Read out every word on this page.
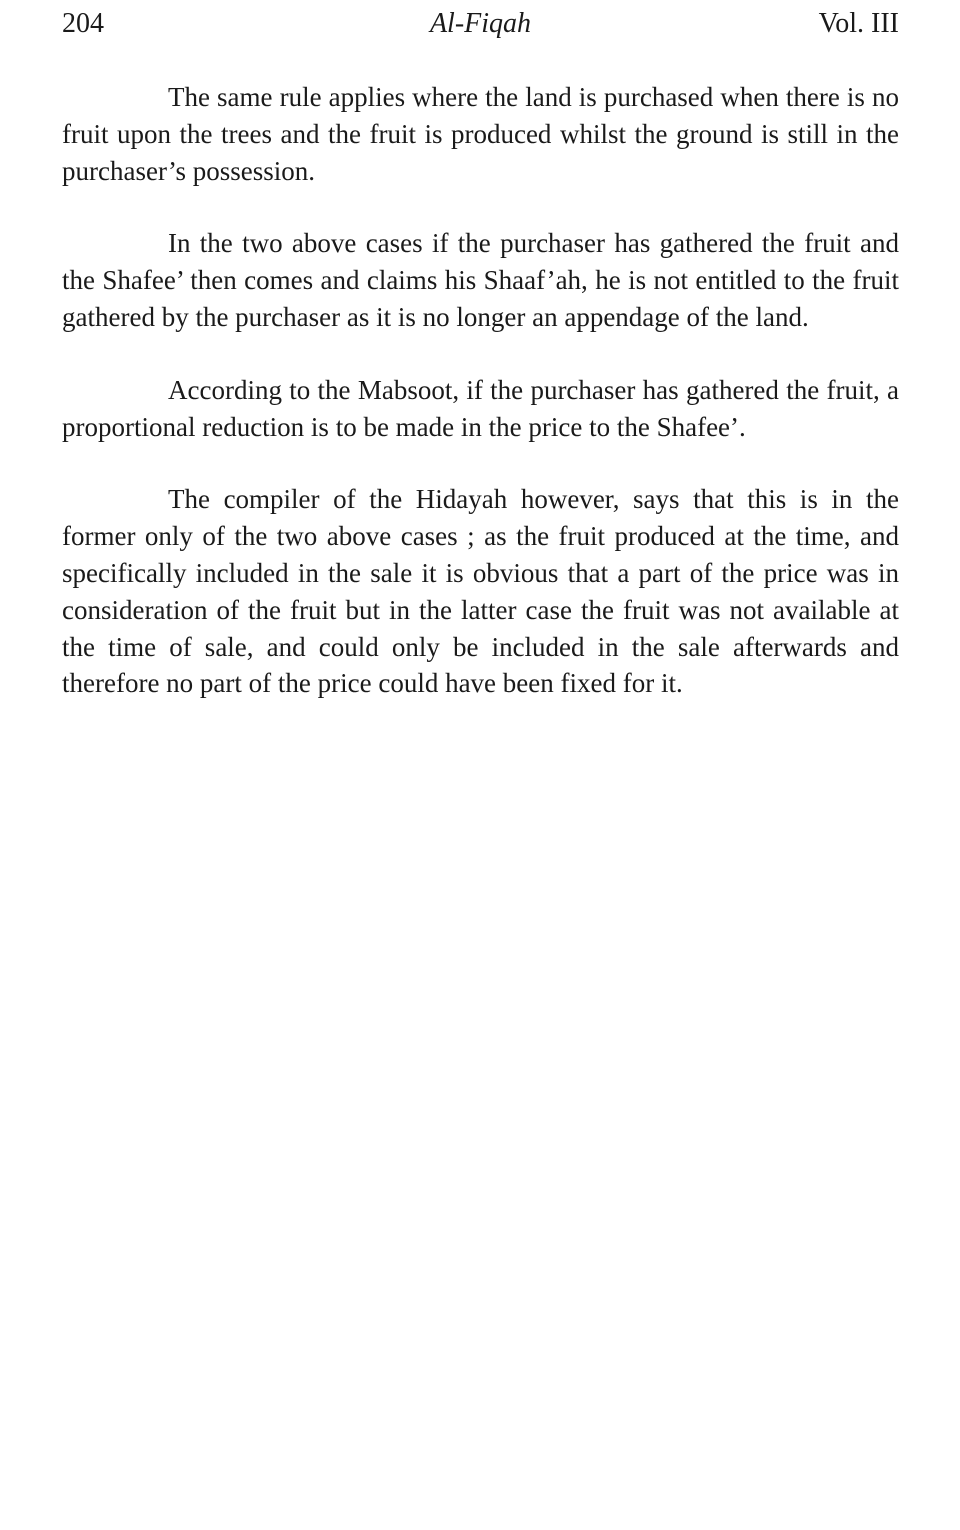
204	Al-Fiqah	Vol. III

The same rule applies where the land is purchased when there is no fruit upon the trees and the fruit is produced whilst the ground is still in the purchaser’s possession.

In the two above cases if the purchaser has gathered the fruit and the Shafee’ then comes and claims his Shaaf’ah, he is not entitled to the fruit gathered by the purchaser as it is no longer an appendage of the land.

According to the Mabsoot, if the purchaser has gathered the fruit, a proportional reduction is to be made in the price to the Shafee’.

The compiler of the Hidayah however, says that this is in the former only of the two above cases ; as the fruit produced at the time, and specifically included in the sale it is obvious that a part of the price was in consideration of the fruit but in the latter case the fruit was not available at the time of sale, and could only be included in the sale afterwards and therefore no part of the price could have been fixed for it.
